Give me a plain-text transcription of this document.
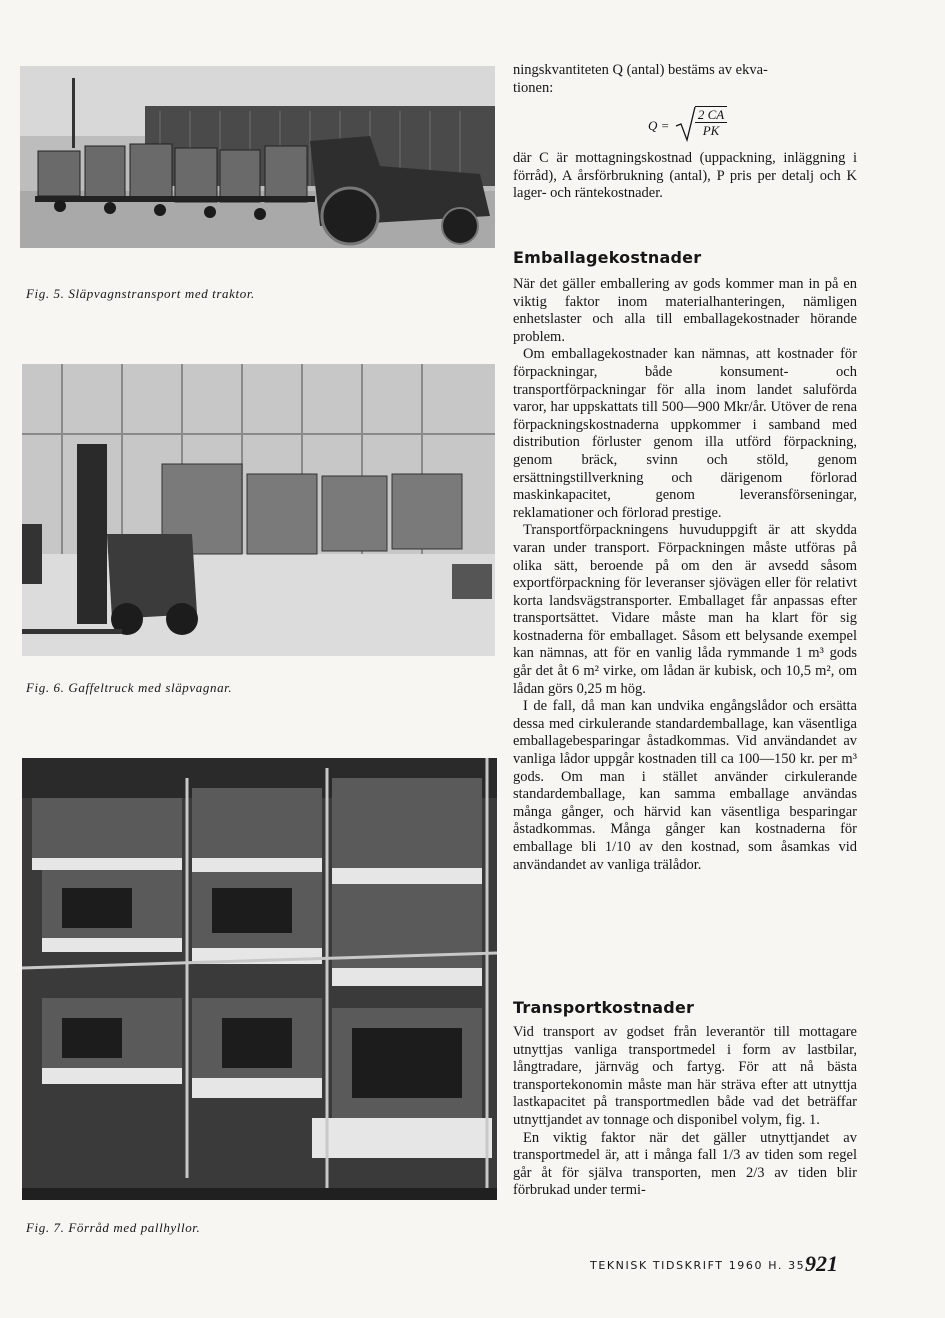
Fig. 5. Släpvagnstransport med traktor.
Fig. 6. Gaffeltruck med släpvagnar.
Fig. 7. Förråd med pallhyllor.

ningskvantiteten Q (antal) bestäms av ekva-

tionen:

$Q = \frac{2 CA}{PK}$

där C är mottagningskostnad (uppackning, inläggning i förråd), A årsförbrukning (antal), P pris per detalj och K lager- och räntekostnader.

Emballagekostnader

När det gäller emballering av gods kommer man in på en viktig faktor inom materialhanteringen, nämligen enhetslaster och alla till emballagekostnader hörande problem.

Om emballagekostnader kan nämnas, att kostnader för förpackningar, både konsument- och transportförpackningar för alla inom landet saluförda varor, har uppskattats till 500—900 Mkr/år. Utöver de rena förpackningskostnaderna uppkommer i samband med distribution förluster genom illa utförd förpackning, genom bräck, svinn och stöld, genom ersättningstillverkning och därigenom förlorad maskinkapacitet, genom leveransförseningar, reklamationer och förlorad prestige.

Transportförpackningens huvuduppgift är att skydda varan under transport. Förpackningen måste utföras på olika sätt, beroende på om den är avsedd såsom exportförpackning för leveranser sjövägen eller för relativt korta landsvägstransporter. Emballaget får anpassas efter transportsättet. Vidare måste man ha klart för sig kostnaderna för emballaget. Såsom ett belysande exempel kan nämnas, att för en vanlig låda rymmande 1 m³ gods går det åt 6 m² virke, om lådan är kubisk, och 10,5 m², om lådan görs 0,25 m hög.

I de fall, då man kan undvika engångslådor och ersätta dessa med cirkulerande standardemballage, kan väsentliga emballagebesparingar åstadkommas. Vid användandet av vanliga lådor uppgår kostnaden till ca 100—150 kr. per m³ gods. Om man i stället använder cirkulerande standardemballage, kan samma emballage användas många gånger, och härvid kan väsentliga besparingar åstadkommas. Många gånger kan kostnaderna för emballage bli 1/10 av den kostnad, som åsamkas vid användandet av vanliga trälådor.

Transportkostnader

Vid transport av godset från leverantör till mottagare utnyttjas vanliga transportmedel i form av lastbilar, långtradare, järnväg och fartyg. För att nå bästa transportekonomin måste man här sträva efter att utnyttja lastkapacitet på transportmedlen både vad det beträffar utnyttjandet av tonnage och disponibel volym, fig. 1.

En viktig faktor när det gäller utnyttjandet av transportmedel är, att i många fall 1/3 av tiden som regel går åt för själva transporten, men 2/3 av tiden blir förbrukad under termi-

TEKNISK TIDSKRIFT 1960 H. 35 921
